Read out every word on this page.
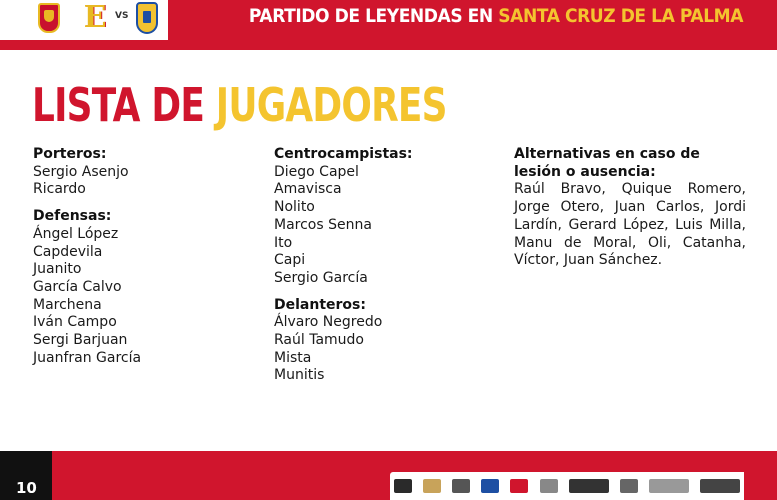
E VS	PARTIDO DE LEYENDAS EN SANTA CRUZ DE LA PALMA
LISTA DE JUGADORES
Porteros:
Sergio Asenjo
Ricardo
Defensas:
Ángel López
Capdevila
Juanito
García Calvo
Marchena
Iván Campo
Sergi Barjuan
Juanfran García
Centrocampistas:
Diego Capel
Amavisca
Nolito
Marcos Senna
Ito
Capi
Sergio García
Delanteros:
Álvaro Negredo
Raúl Tamudo
Mista
Munitis
Alternativas en caso de lesión o ausencia:
Raúl Bravo, Quique Romero, Jorge Otero, Juan Carlos, Jordi Lardín, Gerard López, Luis Milla, Manu de Moral, Oli, Catanha, Víctor, Juan Sánchez.
10
